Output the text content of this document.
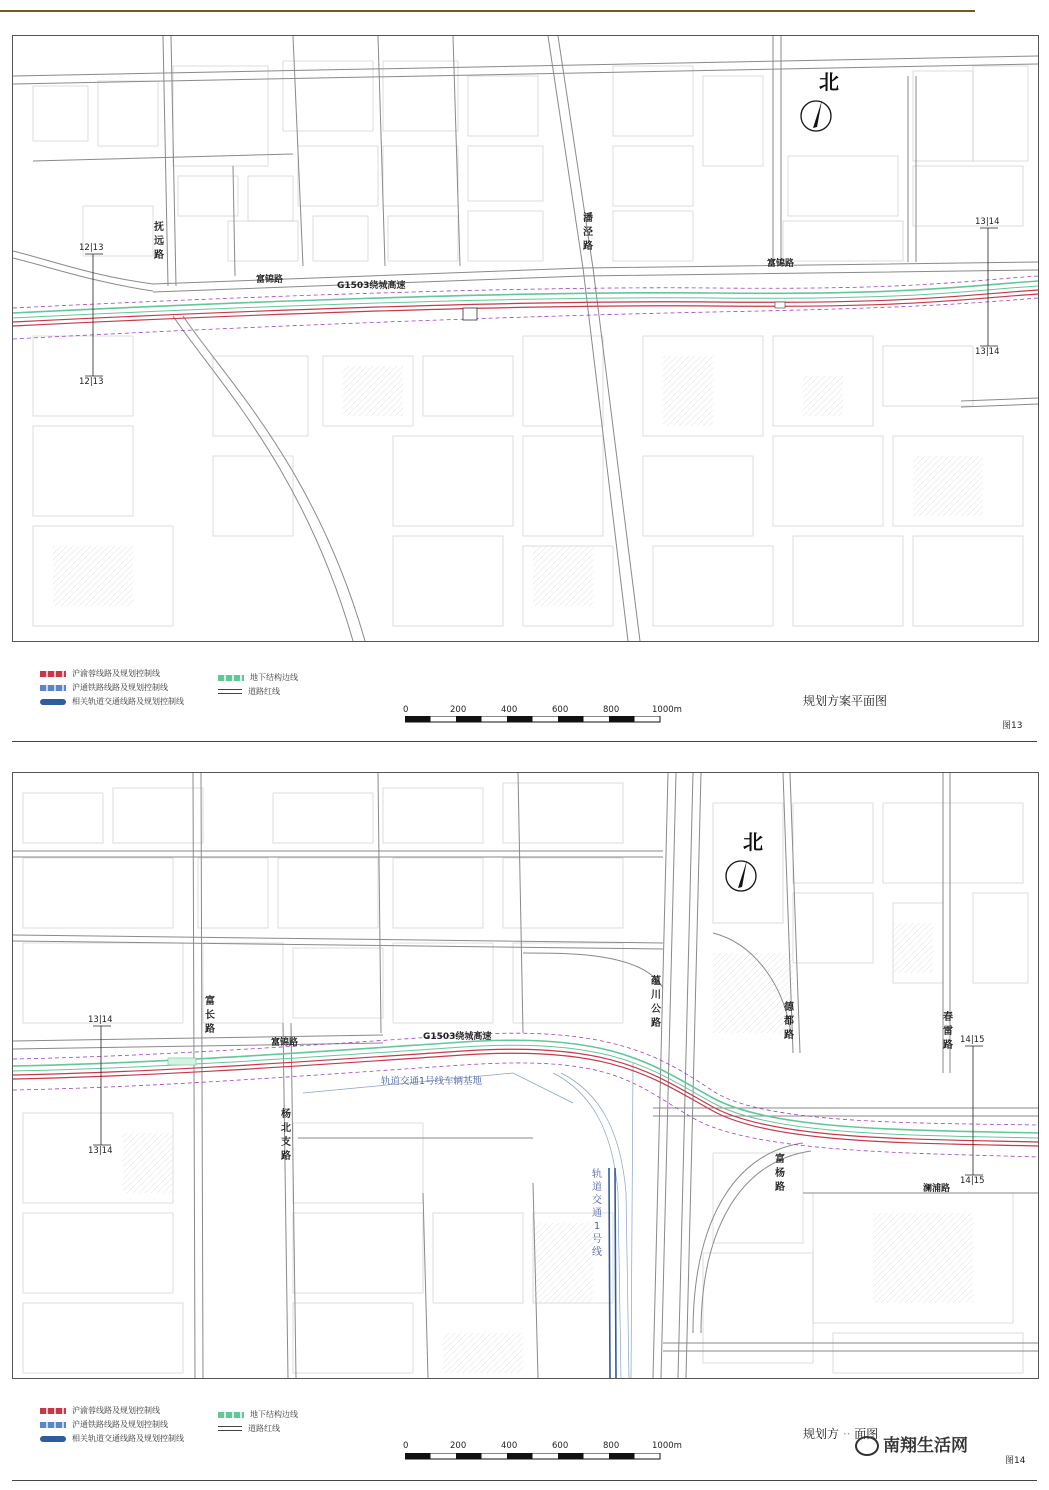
北
抚远路
富锦路
G1503绕城高速
潘泾路
富锦路
12|13
12|13
13|14
13|14
沪渝蓉线路及规划控制线
沪通铁路线路及规划控制线
相关轨道交通线路及规划控制线
地下结构边线
道路红线
0	200	400	600	800	1000m
规划方案平面图
图13
北
富长路
富锦路
G1503绕城高速
杨北支路
蕴川公路
德都路
春雷路
富杨路	澜浦路
轨道交通1号线车辆基地
轨道交通1号线
13|14
13|14
14|15
14|15
沪渝蓉线路及规划控制线
沪通铁路线路及规划控制线
相关轨道交通线路及规划控制线
地下结构边线
道路红线
0	200	400	600	800	1000m
规划方 ·· 面图
南翔生活网
图14
